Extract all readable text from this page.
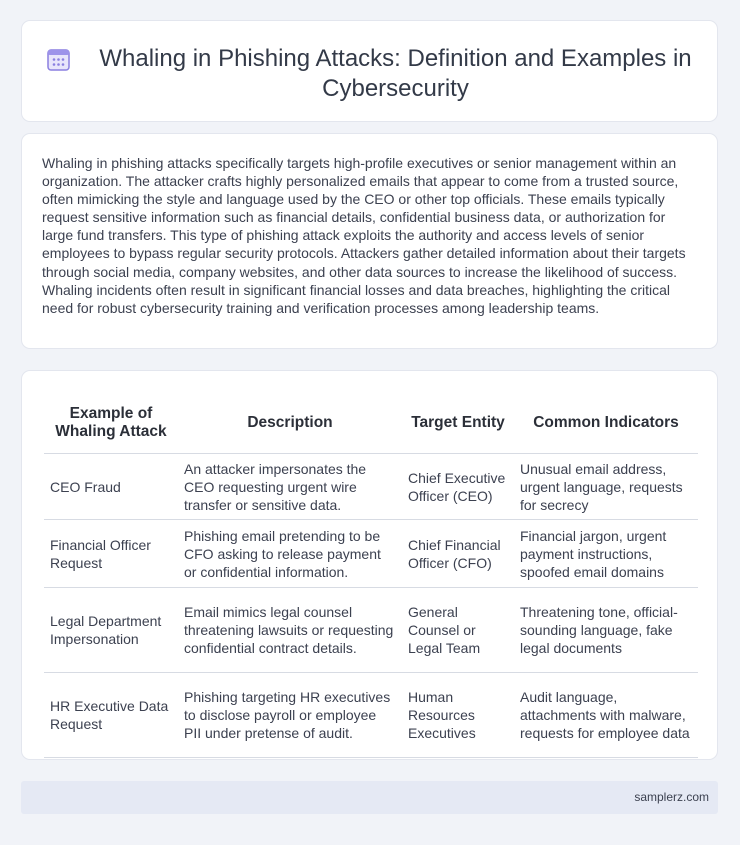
Whaling in Phishing Attacks: Definition and Examples in Cybersecurity

Whaling in phishing attacks specifically targets high-profile executives or senior management within an organization. The attacker crafts highly personalized emails that appear to come from a trusted source, often mimicking the style and language used by the CEO or other top officials. These emails typically request sensitive information such as financial details, confidential business data, or authorization for large fund transfers. This type of phishing attack exploits the authority and access levels of senior employees to bypass regular security protocols. Attackers gather detailed information about their targets through social media, company websites, and other data sources to increase the likelihood of success. Whaling incidents often result in significant financial losses and data breaches, highlighting the critical need for robust cybersecurity training and verification processes among leadership teams.

Example of Whaling Attack	Description	Target Entity	Common Indicators
CEO Fraud	An attacker impersonates the CEO requesting urgent wire transfer or sensitive data.	Chief Executive Officer (CEO)	Unusual email address, urgent language, requests for secrecy
Financial Officer Request	Phishing email pretending to be CFO asking to release payment or confidential information.	Chief Financial Officer (CFO)	Financial jargon, urgent payment instructions, spoofed email domains
Legal Department Impersonation	Email mimics legal counsel threatening lawsuits or requesting confidential contract details.	General Counsel or Legal Team	Threatening tone, official-sounding language, fake legal documents
HR Executive Data Request	Phishing targeting HR executives to disclose payroll or employee PII under pretense of audit.	Human Resources Executives	Audit language, attachments with malware, requests for employee data
samplerz.com
